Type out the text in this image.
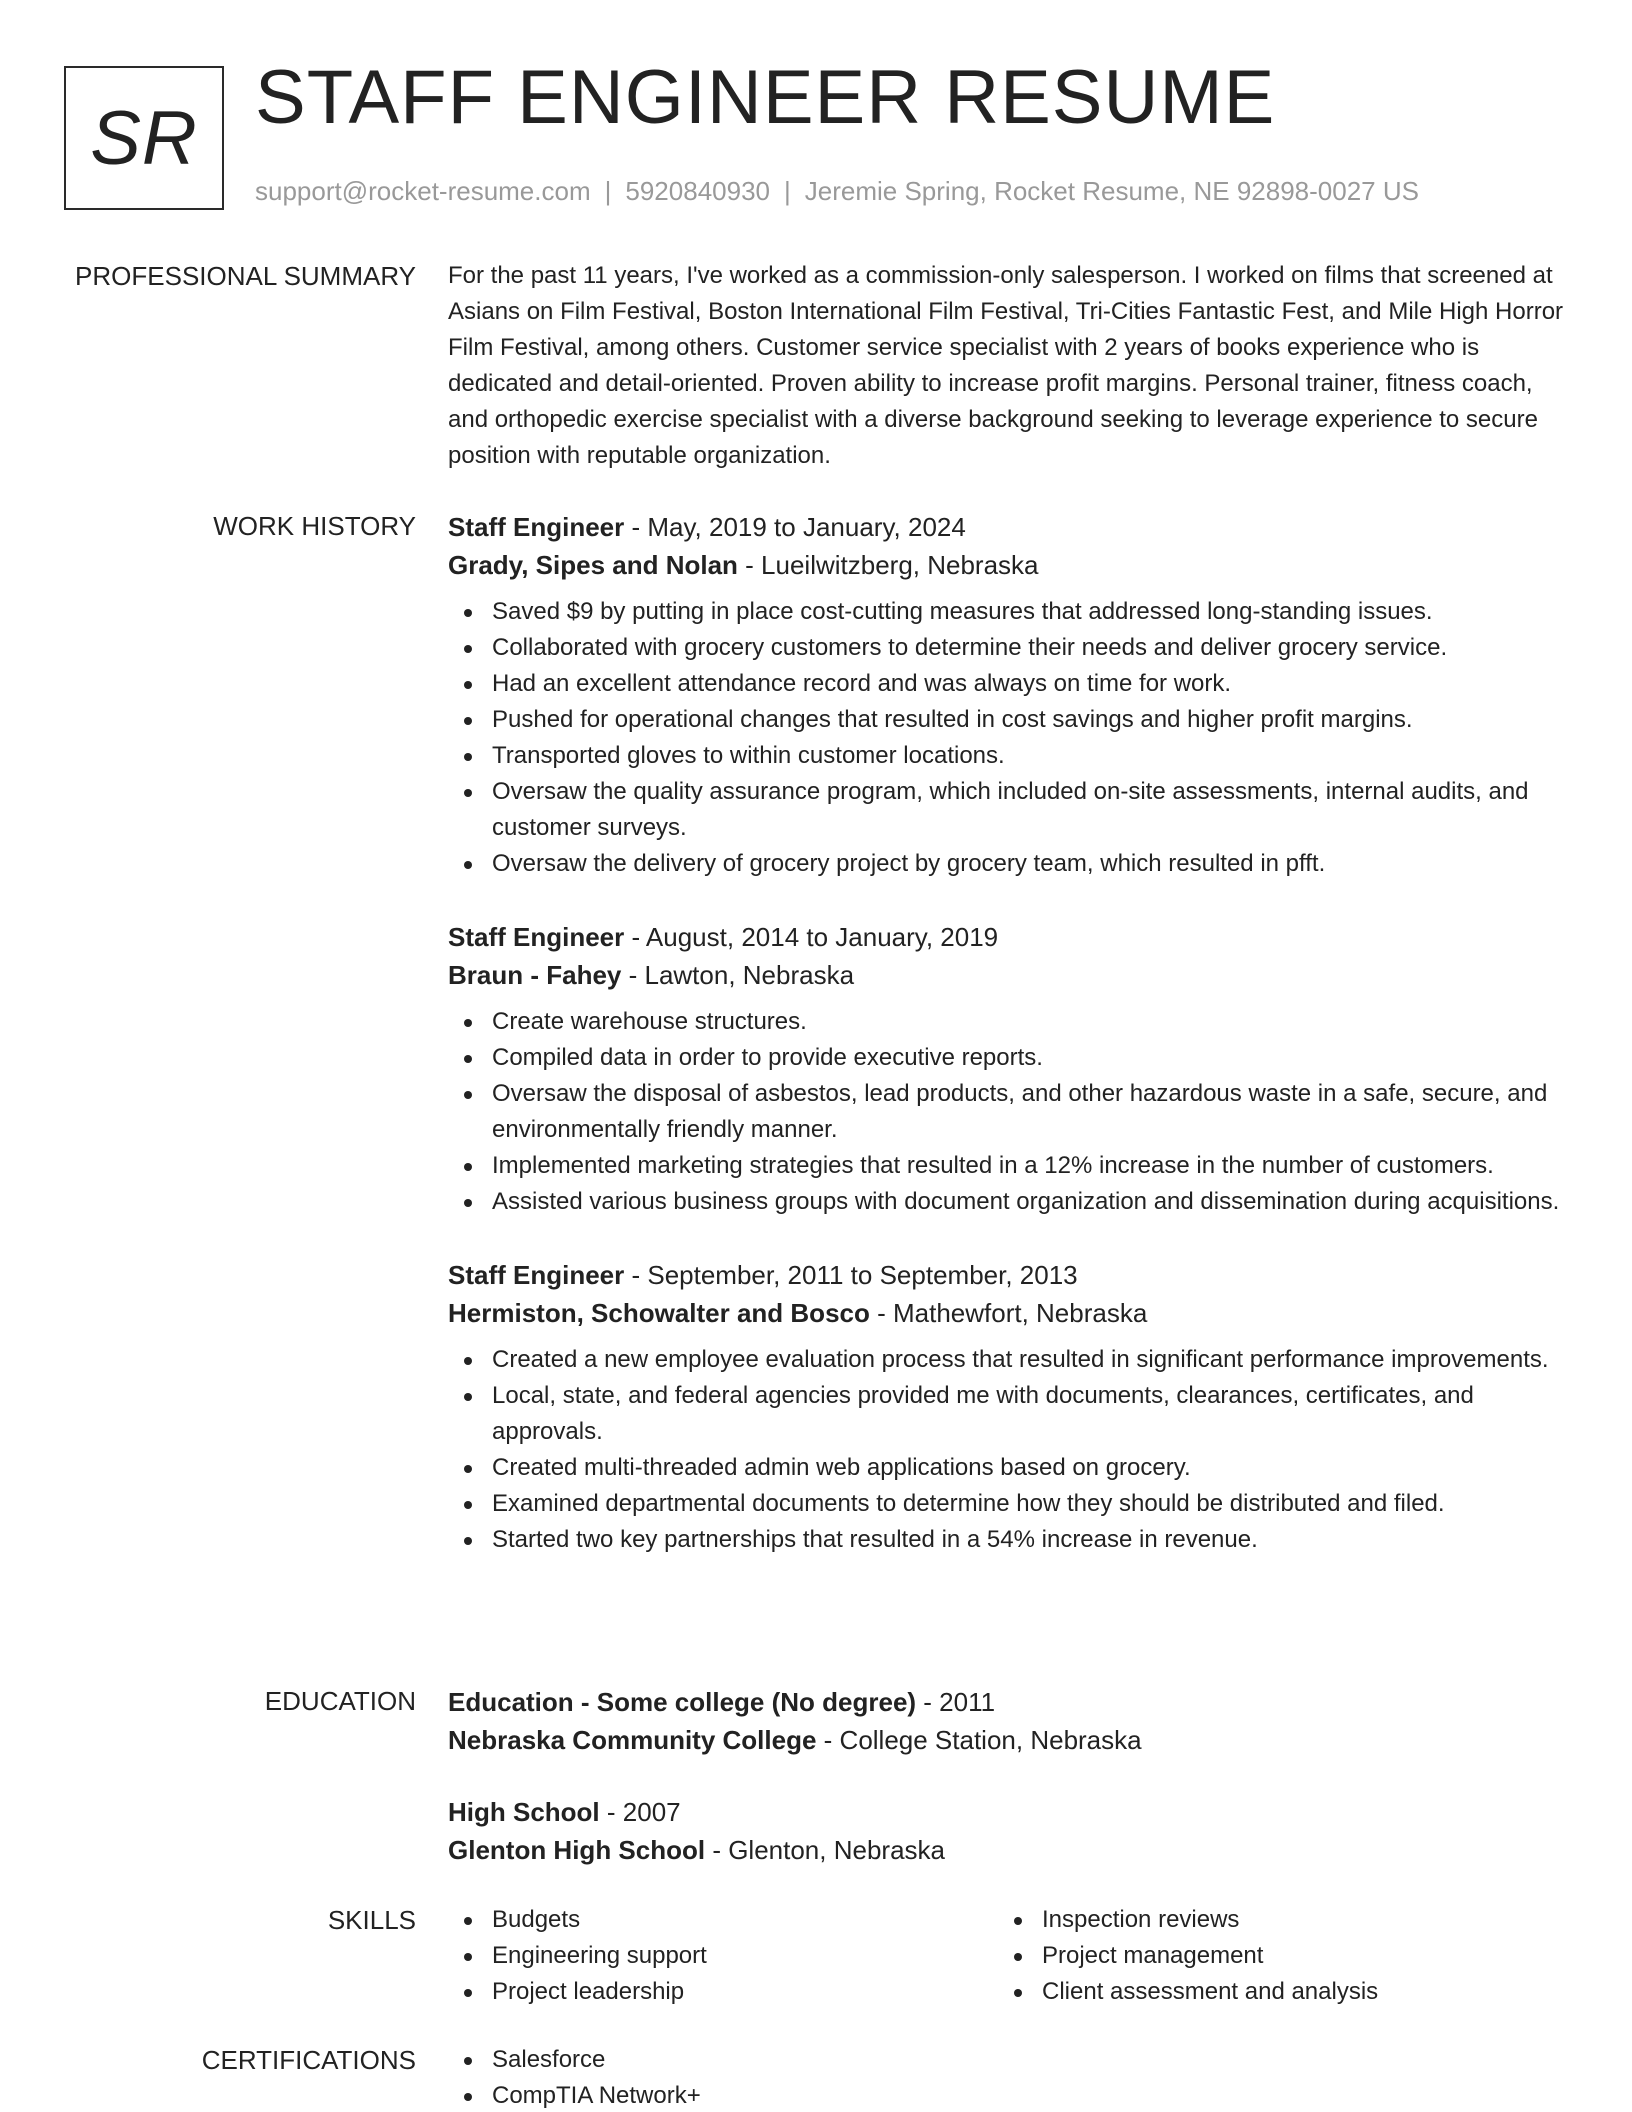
SR STAFF ENGINEER RESUME
support@rocket-resume.com | 5920840930 | Jeremie Spring, Rocket Resume, NE 92898-0027 US
PROFESSIONAL SUMMARY For the past 11 years, I've worked as a commission-only salesperson. I worked on films that screened at Asians on Film Festival, Boston International Film Festival, Tri-Cities Fantastic Fest, and Mile High Horror Film Festival, among others. Customer service specialist with 2 years of books experience who is dedicated and detail-oriented. Proven ability to increase profit margins. Personal trainer, fitness coach, and orthopedic exercise specialist with a diverse background seeking to leverage experience to secure position with reputable organization.
WORK HISTORY Staff Engineer - May, 2019 to January, 2024
Grady, Sipes and Nolan - Lueilwitzberg, Nebraska
Saved $9 by putting in place cost-cutting measures that addressed long-standing issues.
Collaborated with grocery customers to determine their needs and deliver grocery service.
Had an excellent attendance record and was always on time for work.
Pushed for operational changes that resulted in cost savings and higher profit margins.
Transported gloves to within customer locations.
Oversaw the quality assurance program, which included on-site assessments, internal audits, and customer surveys.
Oversaw the delivery of grocery project by grocery team, which resulted in pfft.
Staff Engineer - August, 2014 to January, 2019
Braun - Fahey - Lawton, Nebraska
Create warehouse structures.
Compiled data in order to provide executive reports.
Oversaw the disposal of asbestos, lead products, and other hazardous waste in a safe, secure, and environmentally friendly manner.
Implemented marketing strategies that resulted in a 12% increase in the number of customers.
Assisted various business groups with document organization and dissemination during acquisitions.
Staff Engineer - September, 2011 to September, 2013
Hermiston, Schowalter and Bosco - Mathewfort, Nebraska
Created a new employee evaluation process that resulted in significant performance improvements.
Local, state, and federal agencies provided me with documents, clearances, certificates, and approvals.
Created multi-threaded admin web applications based on grocery.
Examined departmental documents to determine how they should be distributed and filed.
Started two key partnerships that resulted in a 54% increase in revenue.
EDUCATION Education - Some college (No degree) - 2011
Nebraska Community College - College Station, Nebraska
High School - 2007
Glenton High School - Glenton, Nebraska
SKILLS	Budgets
Engineering support
Project leadership
Inspection reviews
Project management
Client assessment and analysis
CERTIFICATIONS	Salesforce
CompTIA Network+
